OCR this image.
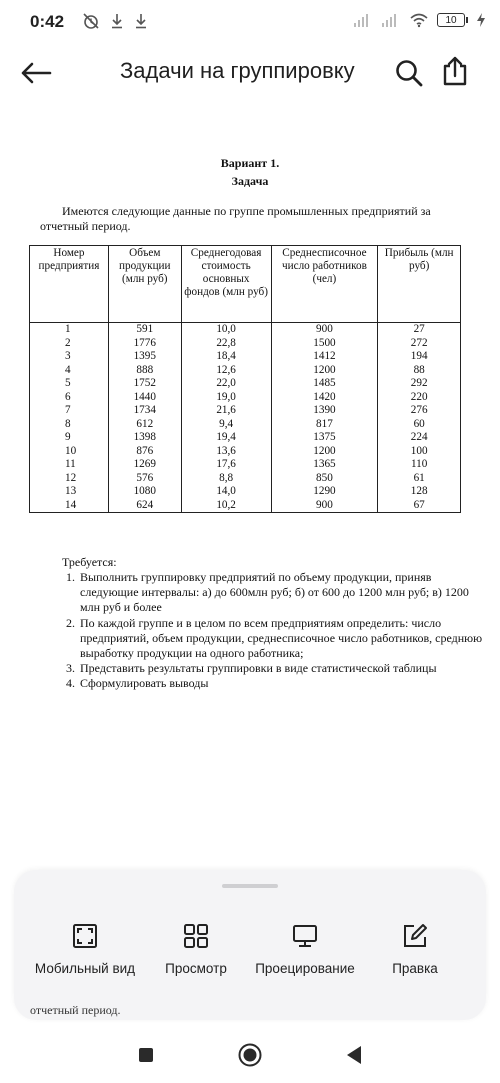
0:42	10
Задачи на группировку
Вариант 1.
Задача
Имеются следующие данные по группе промышленных предприятий за отчетный период.
Номер предприятия	Объем продукции (млн руб)	Среднегодовая стоимость основных фондов (млн руб)	Среднесписочное число работников (чел)	Прибыль (млн руб)
1	591	10,0	900	27
2	1776	22,8	1500	272
3	1395	18,4	1412	194
4	888	12,6	1200	88
5	1752	22,0	1485	292
6	1440	19,0	1420	220
7	1734	21,6	1390	276
8	612	9,4	817	60
9	1398	19,4	1375	224
10	876	13,6	1200	100
11	1269	17,6	1365	110
12	576	8,8	850	61
13	1080	14,0	1290	128
14	624	10,2	900	67
Требуется:
1. Выполнить группировку предприятий по объему продукции, приняв следующие интервалы: а) до 600млн руб; б) от 600 до 1200 млн руб; в) 1200 млн руб и более
2. По каждой группе и в целом по всем предприятиям определить: число предприятий, объем продукции, среднесписочное число работников, среднюю выработку продукции на одного работника;
3. Представить результаты группировки в виде статистической таблицы
4. Сформулировать выводы
Мобильный вид	Просмотр	Проецирование	Правка
отчетный период.
